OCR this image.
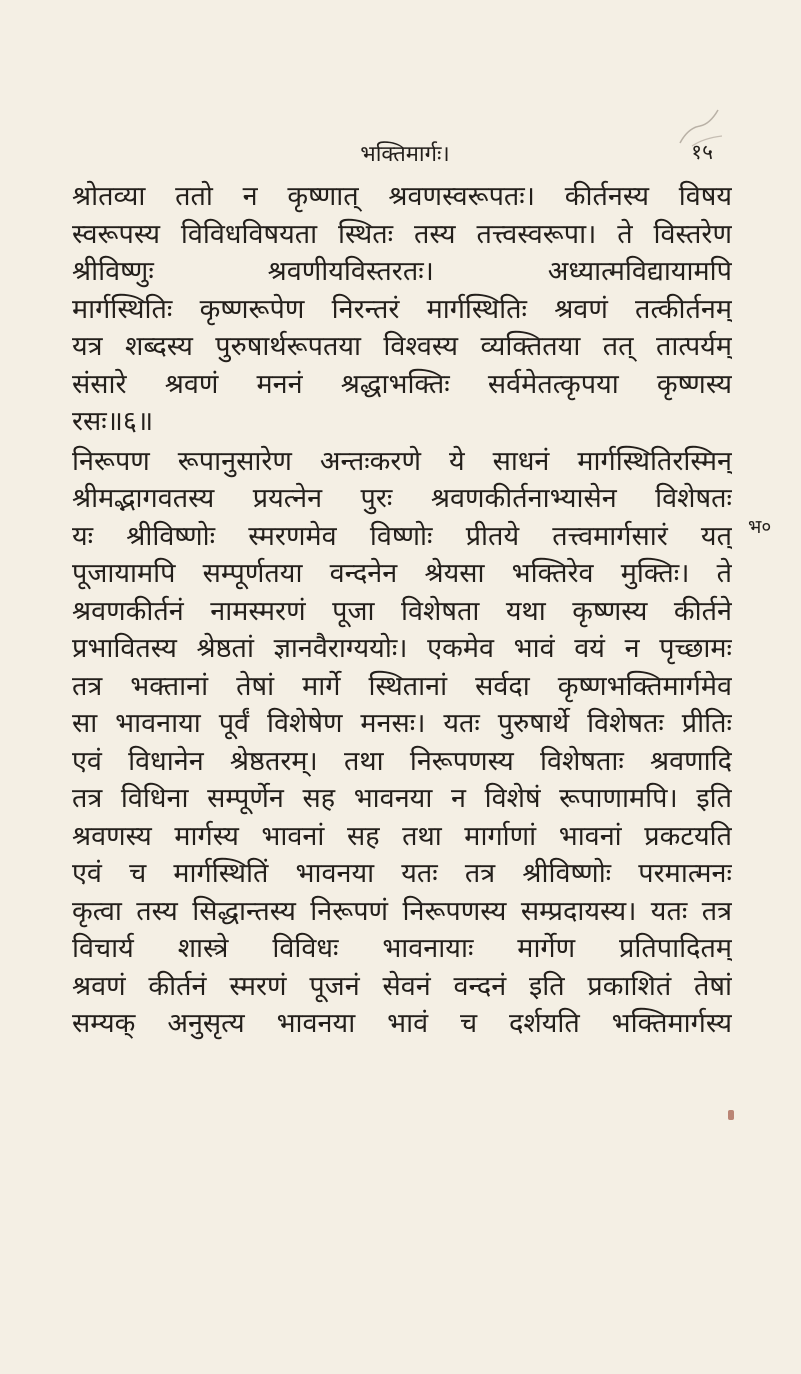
भक्तिमार्गः।	१५
भ०

श्रोतव्या ततो न कृष्णात् श्रवणस्वरूपतः। कीर्तनस्य विषय
स्वरूपस्य विविधविषयता स्थितः तस्य तत्त्वस्वरूपा। ते विस्तरेण
श्रीविष्णुः श्रवणीयविस्तरतः। अध्यात्मविद्यायामपि
मार्गस्थितिः कृष्णरूपेण निरन्तरं मार्गस्थितिः श्रवणं तत्कीर्तनम्
यत्र शब्दस्य पुरुषार्थरूपतया विश्वस्य व्यक्तितया तत् तात्पर्यम्
संसारे श्रवणं मननं श्रद्धाभक्तिः सर्वमेतत्कृपया कृष्णस्य
रसः॥६॥

निरूपण रूपानुसारेण अन्तःकरणे ये साधनं मार्गस्थितिरस्मिन्
श्रीमद्भागवतस्य प्रयत्नेन पुरः श्रवणकीर्तनाभ्यासेन विशेषतः
यः श्रीविष्णोः स्मरणमेव विष्णोः प्रीतये तत्त्वमार्गसारं यत्
पूजायामपि सम्पूर्णतया वन्दनेन श्रेयसा भक्तिरेव मुक्तिः। ते
श्रवणकीर्तनं नामस्मरणं पूजा विशेषता यथा कृष्णस्य कीर्तने
प्रभावितस्य श्रेष्ठतां ज्ञानवैराग्ययोः। एकमेव भावं वयं न पृच्छामः
तत्र भक्तानां तेषां मार्गे स्थितानां सर्वदा कृष्णभक्तिमार्गमेव
सा भावनाया पूर्वं विशेषेण मनसः। यतः पुरुषार्थे विशेषतः प्रीतिः
एवं विधानेन श्रेष्ठतरम्। तथा निरूपणस्य विशेषताः श्रवणादि
तत्र विधिना सम्पूर्णेन सह भावनया न विशेषं रूपाणामपि। इति
श्रवणस्य मार्गस्य भावनां सह तथा मार्गाणां भावनां प्रकटयति
एवं च मार्गस्थितिं भावनया यतः तत्र श्रीविष्णोः परमात्मनः
कृत्वा तस्य सिद्धान्तस्य निरूपणं निरूपणस्य सम्प्रदायस्य। यतः तत्र
विचार्य शास्त्रे विविधः भावनायाः मार्गेण प्रतिपादितम्
श्रवणं कीर्तनं स्मरणं पूजनं सेवनं वन्दनं इति प्रकाशितं तेषां
सम्यक् अनुसृत्य भावनया भावं च दर्शयति भक्तिमार्गस्य
